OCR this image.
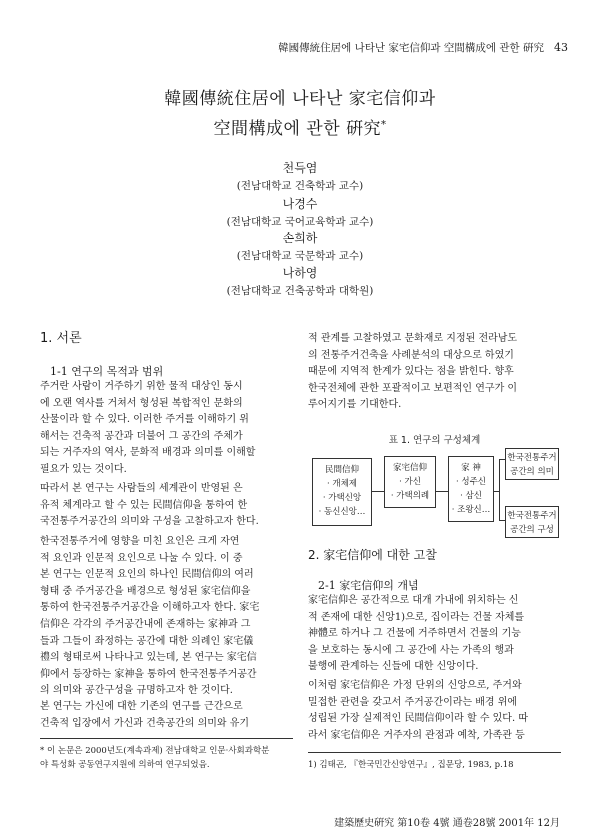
韓國傳統住居에 나타난 家宅信仰과 空間構成에 관한 硏究 43
韓國傳統住居에 나타난 家宅信仰과
空間構成에 관한 硏究*
천득염
(전남대학교 건축학과 교수)
나경수
(전남대학교 국어교육학과 교수)
손희하
(전남대학교 국문학과 교수)
나하영
(전남대학교 건축공학과 대학원)
1. 서론
1-1 연구의 목적과 범위
주거란 사람이 거주하기 위한 물적 대상인 동시
에 오랜 역사를 거쳐서 형성된 복합적인 문화의
산물이라 할 수 있다. 이러한 주거를 이해하기 위
해서는 건축적 공간과 더불어 그 공간의 주체가
되는 거주자의 역사, 문화적 배경과 의미를 이해할
필요가 있는 것이다.
따라서 본 연구는 사람들의 세계관이 반영된 은
유적 체계라고 할 수 있는 民間信仰을 통하여 한
국전통주거공간의 의미와 구성을 고찰하고자 한다.
한국전통주거에 영향을 미친 요인은 크게 자연
적 요인과 인문적 요인으로 나눌 수 있다. 이 중
본 연구는 인문적 요인의 하나인 民間信仰의 여러
형태 중 주거공간을 배경으로 형성된 家宅信仰을
통하여 한국전통주거공간을 이해하고자 한다. 家宅
信仰은 각각의 주거공간내에 존재하는 家神과 그
들과 그들이 좌정하는 공간에 대한 의례인 家宅儀
禮의 형태로써 나타나고 있는데, 본 연구는 家宅信
仰에서 등장하는 家神을 통하여 한국전통주거공간
의 의미와 공간구성을 규명하고자 한 것이다.
본 연구는 가신에 대한 기존의 연구를 근간으로
건축적 입장에서 가신과 건축공간의 의미와 유기
* 이 논문은 2000년도(계속과제) 전남대학교 인문·사회과학분
야 특성화 공동연구지원에 의하여 연구되었음.
적 관계를 고찰하였고 문화재로 지정된 전라남도
의 전통주거건축을 사례분석의 대상으로 하였기
때문에 지역적 한계가 있다는 점을 밝힌다. 향후
한국전체에 관한 포괄적이고 보편적인 연구가 이
루어지기를 기대한다.
표 1. 연구의 구성체계
民間信仰
· 개체제
· 가택신앙
· 동신신앙…
家宅信仰
· 가신
· 가택의례
家 神
· 성주신
· 삼신
· 조왕신…
한국전통주거
공간의 의미
한국전통주거
공간의 구성
2. 家宅信仰에 대한 고찰
2-1 家宅信仰의 개념
家宅信仰은 공간적으로 대개 가내에 위치하는 신
적 존재에 대한 신앙1)으로, 집이라는 건물 자체를
神體로 하거나 그 건물에 거주하면서 건물의 기능
을 보호하는 동시에 그 공간에 사는 가족의 행과
불행에 관계하는 신들에 대한 신앙이다.
이처럼 家宅信仰은 가정 단위의 신앙으로, 주거와
밀접한 관련을 갖고서 주거공간이라는 배경 위에
성립된 가장 실제적인 民間信仰이라 할 수 있다. 따
라서 家宅信仰은 거주자의 관점과 예착, 가족관 등
1) 김태곤, 『한국민간신앙연구』, 집문당, 1983, p.18
建築歷史硏究 第10卷 4號 通卷28號 2001年 12月
